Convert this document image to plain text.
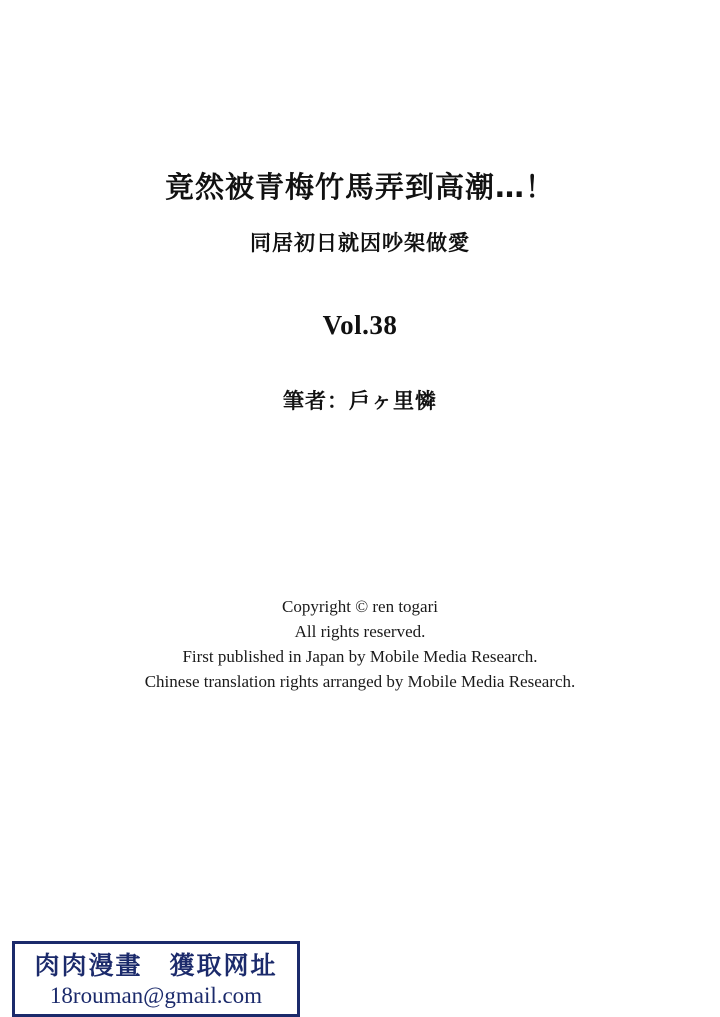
竟然被青梅竹馬弄到高潮…！
同居初日就因吵架做愛
Vol.38
筆者：戶ヶ里憐
Copyright © ren togari
All rights reserved.
First published in Japan by Mobile Media Research.
Chinese translation rights arranged by Mobile Media Research.
肉肉漫畫　獲取网址
18rouman@gmail.com
